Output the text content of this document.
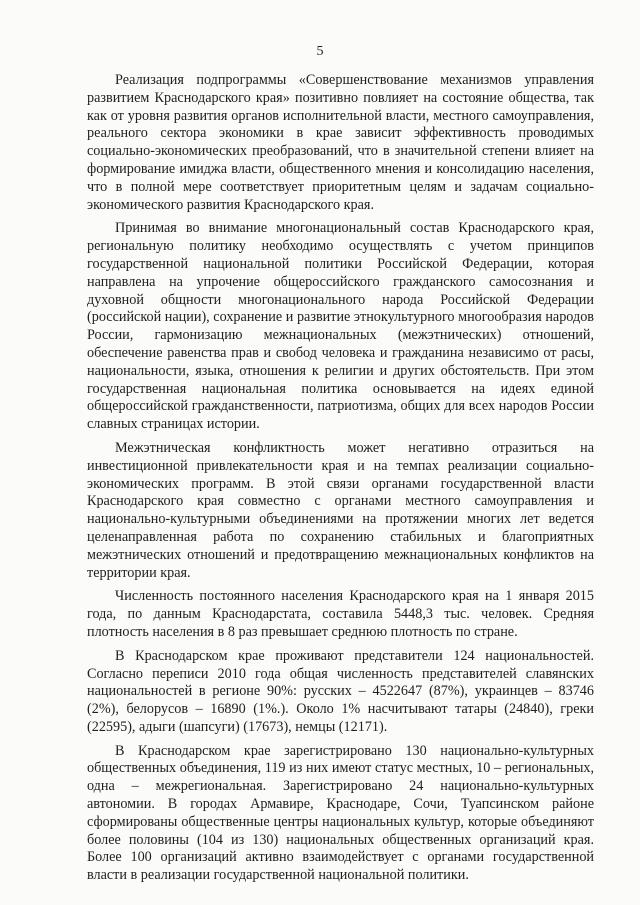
5

Реализация подпрограммы «Совершенствование механизмов управления развитием Краснодарского края» позитивно повлияет на состояние общества, так как от уровня развития органов исполнительной власти, местного самоуправления, реального сектора экономики в крае зависит эффективность проводимых социально-экономических преобразований, что в значительной степени влияет на формирование имиджа власти, общественного мнения и консолидацию населения, что в полной мере соответствует приоритетным целям и задачам социально-экономического развития Краснодарского края.

Принимая во внимание многонациональный состав Краснодарского края, региональную политику необходимо осуществлять с учетом принципов государственной национальной политики Российской Федерации, которая направлена на упрочение общероссийского гражданского самосознания и духовной общности многонационального народа Российской Федерации (российской нации), сохранение и развитие этнокультурного многообразия народов России, гармонизацию межнациональных (межэтнических) отношений, обеспечение равенства прав и свобод человека и гражданина независимо от расы, национальности, языка, отношения к религии и других обстоятельств. При этом государственная национальная политика основывается на идеях единой общероссийской гражданственности, патриотизма, общих для всех народов России славных страницах истории.

Межэтническая конфликтность может негативно отразиться на инвестиционной привлекательности края и на темпах реализации социально-экономических программ. В этой связи органами государственной власти Краснодарского края совместно с органами местного самоуправления и национально-культурными объединениями на протяжении многих лет ведется целенаправленная работа по сохранению стабильных и благоприятных межэтнических отношений и предотвращению межнациональных конфликтов на территории края.

Численность постоянного населения Краснодарского края на 1 января 2015 года, по данным Краснодарстата, составила 5448,3 тыс. человек. Средняя плотность населения в 8 раз превышает среднюю плотность по стране.

В Краснодарском крае проживают представители 124 национальностей. Согласно переписи 2010 года общая численность представителей славянских национальностей в регионе 90%: русских – 4522647 (87%), украинцев – 83746 (2%), белорусов – 16890 (1%.). Около 1% насчитывают татары (24840), греки (22595), адыги (шапсуги) (17673), немцы (12171).

В Краснодарском крае зарегистрировано 130 национально-культурных общественных объединения, 119 из них имеют статус местных, 10 – региональных, одна – межрегиональная. Зарегистрировано 24 национально-культурных автономии. В городах Армавире, Краснодаре, Сочи, Туапсинском районе сформированы общественные центры национальных культур, которые объединяют более половины (104 из 130) национальных общественных организаций края. Более 100 организаций активно взаимодействует с органами государственной власти в реализации государственной национальной политики.
